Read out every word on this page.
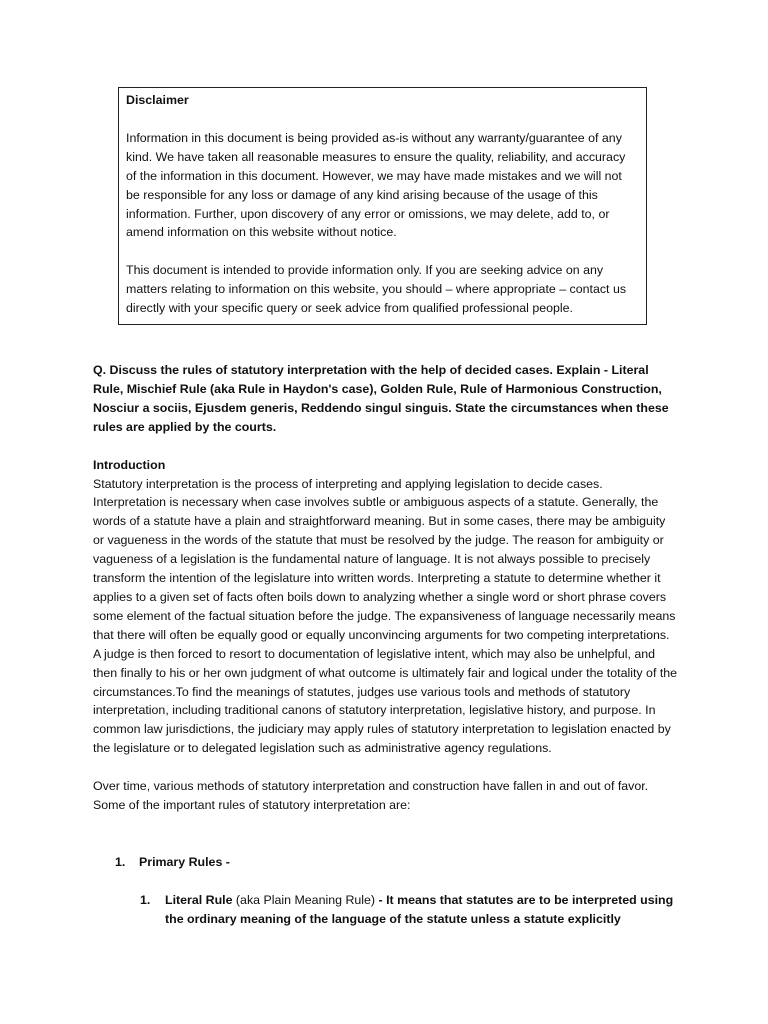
Disclaimer

Information in this document is being provided as-is without any warranty/guarantee of any kind. We have taken all reasonable measures to ensure the quality, reliability, and accuracy of the information in this document. However, we may have made mistakes and we will not be responsible for any loss or damage of any kind arising because of the usage of this information. Further, upon discovery of any error or omissions, we may delete, add to, or amend information on this website without notice.

This document is intended to provide information only. If you are seeking advice on any matters relating to information on this website, you should – where appropriate – contact us directly with your specific query or seek advice from qualified professional people.

Q. Discuss the rules of statutory interpretation with the help of decided cases. Explain - Literal Rule, Mischief Rule (aka Rule in Haydon's case), Golden Rule, Rule of Harmonious Construction, Nosciur a sociis, Ejusdem generis, Reddendo singul singuis. State the circumstances when these rules are applied by the courts.

Introduction

Statutory interpretation is the process of interpreting and applying legislation to decide cases. Interpretation is necessary when case involves subtle or ambiguous aspects of a statute. Generally, the words of a statute have a plain and straightforward meaning. But in some cases, there may be ambiguity or vagueness in the words of the statute that must be resolved by the judge. The reason for ambiguity or vagueness of a legislation is the fundamental nature of language. It is not always possible to precisely transform the intention of the legislature into written words. Interpreting a statute to determine whether it applies to a given set of facts often boils down to analyzing whether a single word or short phrase covers some element of the factual situation before the judge. The expansiveness of language necessarily means that there will often be equally good or equally unconvincing arguments for two competing interpretations. A judge is then forced to resort to documentation of legislative intent, which may also be unhelpful, and then finally to his or her own judgment of what outcome is ultimately fair and logical under the totality of the circumstances.To find the meanings of statutes, judges use various tools and methods of statutory interpretation, including traditional canons of statutory interpretation, legislative history, and purpose. In common law jurisdictions, the judiciary may apply rules of statutory interpretation to legislation enacted by the legislature or to delegated legislation such as administrative agency regulations.

Over time, various methods of statutory interpretation and construction have fallen in and out of favor. Some of the important rules of statutory interpretation are:

1. Primary Rules -
1. Literal Rule (aka Plain Meaning Rule) - It means that statutes are to be interpreted using the ordinary meaning of the language of the statute unless a statute explicitly
